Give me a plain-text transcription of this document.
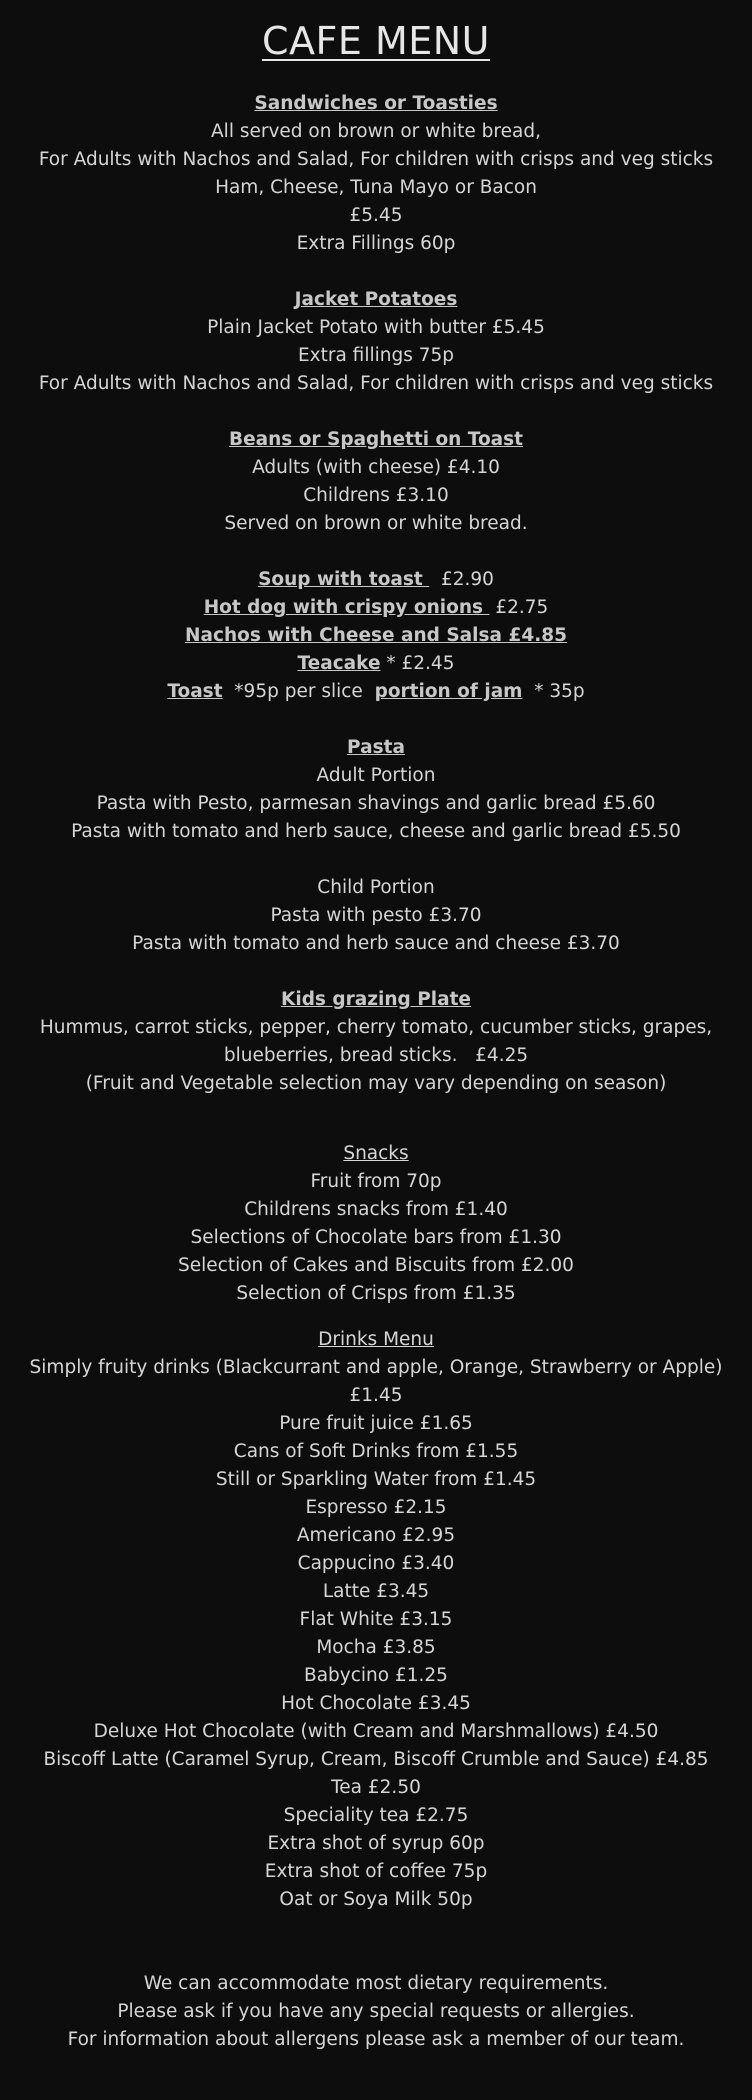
CAFE MENU
Sandwiches or Toasties
All served on brown or white bread,
For Adults with Nachos and Salad, For children with crisps and veg sticks
Ham, Cheese, Tuna Mayo or Bacon
£5.45
Extra Fillings 60p
Jacket Potatoes
Plain Jacket Potato with butter £5.45
Extra fillings 75p
For Adults with Nachos and Salad, For children with crisps and veg sticks
Beans or Spaghetti on Toast
Adults (with cheese) £4.10
Childrens £3.10
Served on brown or white bread.
Soup with toast   £2.90
Hot dog with crispy onions  £2.75
Nachos with Cheese and Salsa £4.85
Teacake * £2.45
Toast  *95p per slice  portion of jam  * 35p
Pasta
Adult Portion
Pasta with Pesto, parmesan shavings and garlic bread £5.60
Pasta with tomato and herb sauce, cheese and garlic bread £5.50
Child Portion
Pasta with pesto £3.70
Pasta with tomato and herb sauce and cheese £3.70
Kids grazing Plate
Hummus, carrot sticks, pepper, cherry tomato, cucumber sticks, grapes, blueberries, bread sticks.   £4.25
(Fruit and Vegetable selection may vary depending on season)
Snacks
Fruit from 70p
Childrens snacks from £1.40
Selections of Chocolate bars from £1.30
Selection of Cakes and Biscuits from £2.00
Selection of Crisps from £1.35
Drinks Menu
Simply fruity drinks (Blackcurrant and apple, Orange, Strawberry or Apple)
£1.45
Pure fruit juice £1.65
Cans of Soft Drinks from £1.55
Still or Sparkling Water from £1.45
Espresso £2.15
Americano £2.95
Cappucino £3.40
Latte £3.45
Flat White £3.15
Mocha £3.85
Babycino £1.25
Hot Chocolate £3.45
Deluxe Hot Chocolate (with Cream and Marshmallows) £4.50
Biscoff Latte (Caramel Syrup, Cream, Biscoff Crumble and Sauce) £4.85
Tea £2.50
Speciality tea £2.75
Extra shot of syrup 60p
Extra shot of coffee 75p
Oat or Soya Milk 50p
We can accommodate most dietary requirements.
Please ask if you have any special requests or allergies.
For information about allergens please ask a member of our team.
